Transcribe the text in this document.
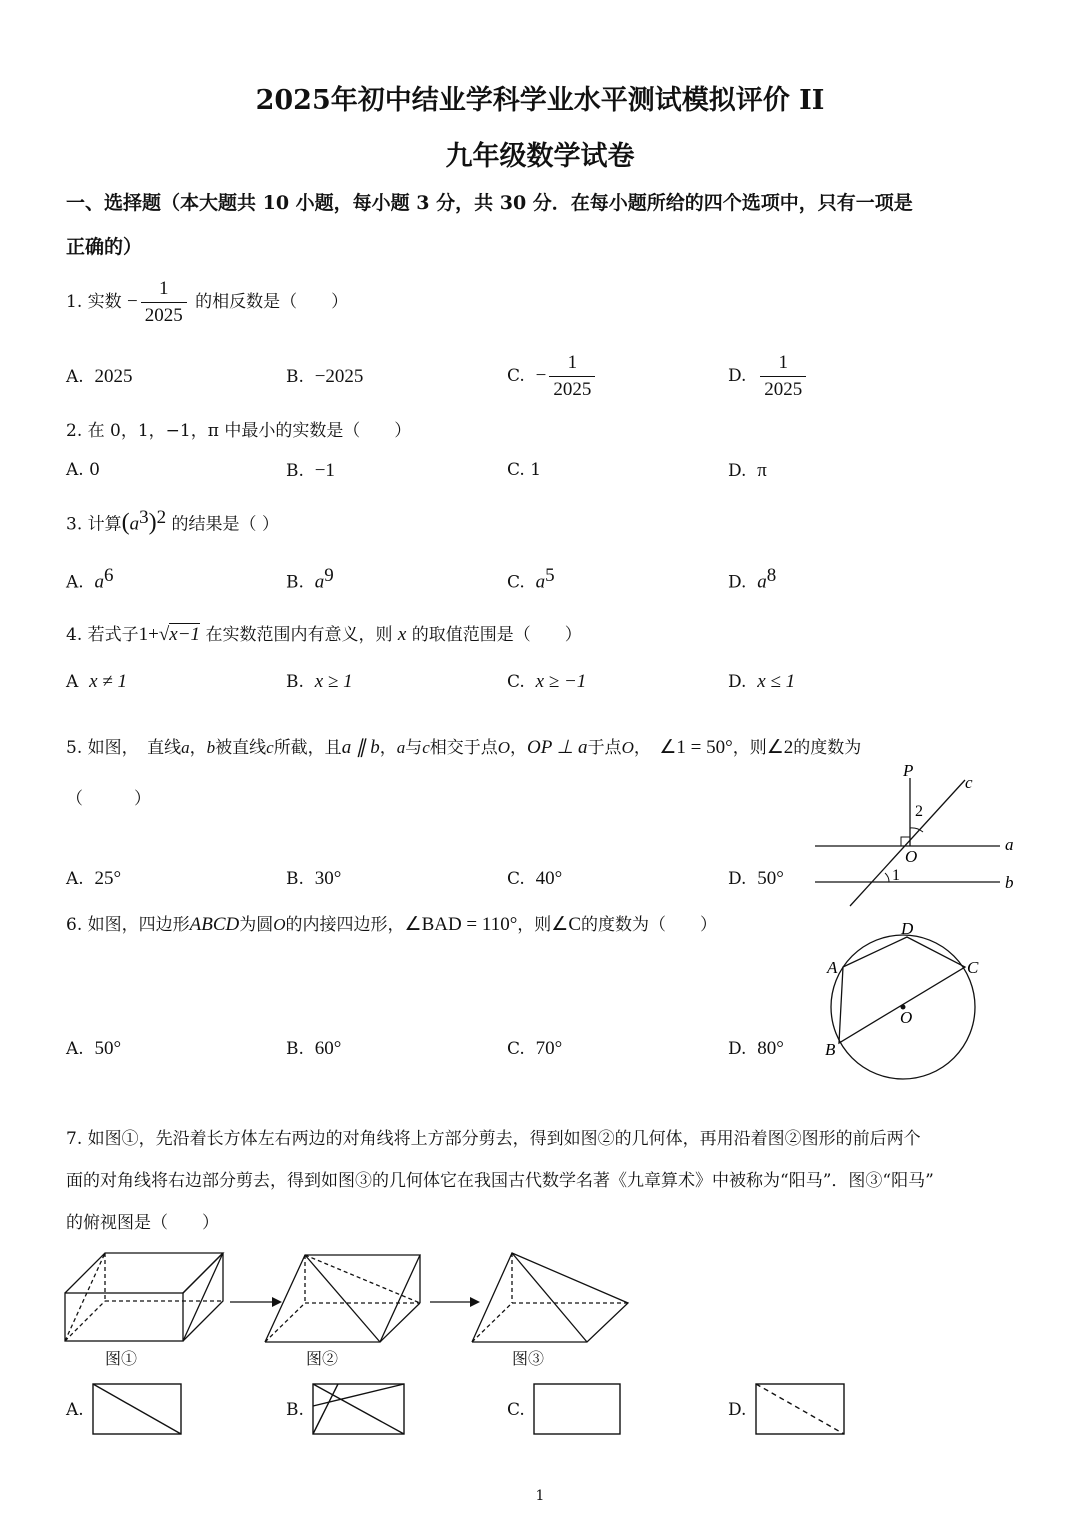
2025年初中结业学科学业水平测试模拟评价 II
九年级数学试卷
一、选择题（本大题共 10 小题，每小题 3 分，共 30 分．在每小题所给的四个选项中，只有一项是
正确的）
1. 实数 − $\frac{1}{2025}$ 的相反数是（　　）
A. 2025	B. −2025	C. − $\frac{1}{2025}$	D. $\frac{1}{2025}$
2. 在 0，1，−1，π 中最小的实数是（　　）
A. 0	B. −1	C. 1	D. π
3. 计算$(a^3)^2$ 的结果是（ ）
A. $a^6$	B. $a^9$	C. $a^5$	D. $a^8$
4. 若式子1+√x−1 在实数范围内有意义，则 x 的取值范围是（　　）
A x ≠ 1	B. x ≥ 1	C. x ≥ −1	D. x ≤ 1
5. 如图，　直线a，b被直线c所截，且a ∥ b，a与c相交于点O，OP ⊥ a于点O，　∠1 = 50°，则∠2的度数为
（　　　）
P
c
2
a
O
1	b
A. 25°	B. 30°	C. 40°	D. 50°
6. 如图，四边形ABCD为圆O的内接四边形，∠BAD = 110°，则∠C的度数为（　　）	D
A	C
O
B
A. 50°	B. 60°	C. 70°	D. 80°
7. 如图①，先沿着长方体左右两边的对角线将上方部分剪去，得到如图②的几何体，再用沿着图②图形的前后两个
面的对角线将右边部分剪去，得到如图③的几何体它在我国古代数学名著《九章算术》中被称为“阳马”．图③“阳马”
的俯视图是（　　）
图①	图②	图③
A.	B.	C.	D.
1
